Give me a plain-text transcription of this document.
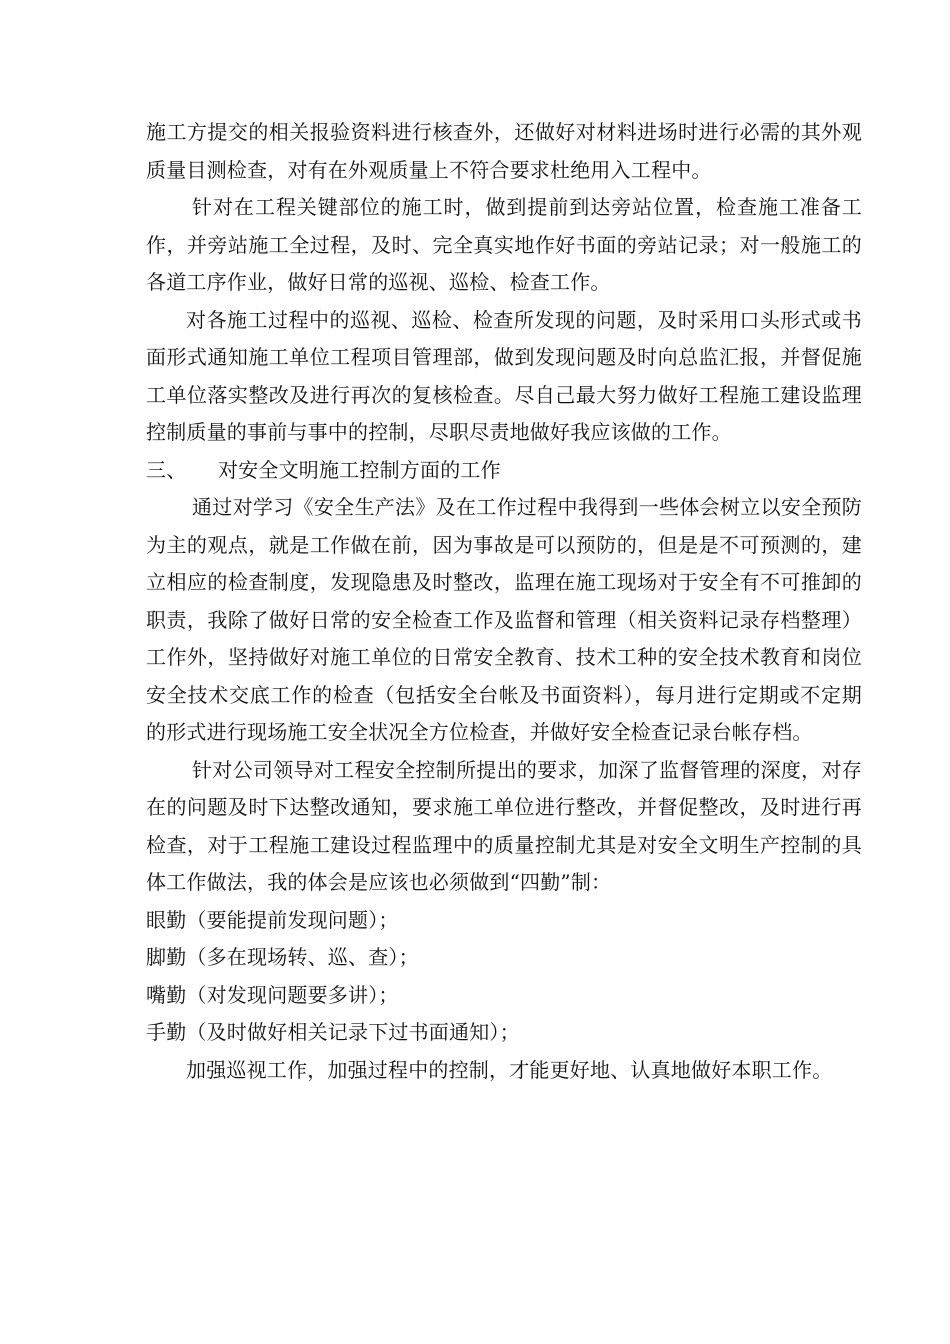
施工方提交的相关报验资料进行核查外，还做好对材料进场时进行必需的其外观质量目测检查，对有在外观质量上不符合要求杜绝用入工程中。

针对在工程关键部位的施工时，做到提前到达旁站位置，检查施工准备工作，并旁站施工全过程，及时、完全真实地作好书面的旁站记录；对一般施工的各道工序作业，做好日常的巡视、巡检、检查工作。

对各施工过程中的巡视、巡检、检查所发现的问题，及时采用口头形式或书面形式通知施工单位工程项目管理部，做到发现问题及时向总监汇报，并督促施工单位落实整改及进行再次的复核检查。尽自己最大努力做好工程施工建设监理控制质量的事前与事中的控制，尽职尽责地做好我应该做的工作。

三、	对安全文明施工控制方面的工作

通过对学习《安全生产法》及在工作过程中我得到一些体会树立以安全预防为主的观点，就是工作做在前，因为事故是可以预防的，但是是不可预测的，建立相应的检查制度，发现隐患及时整改，监理在施工现场对于安全有不可推卸的职责，我除了做好日常的安全检查工作及监督和管理（相关资料记录存档整理）工作外，坚持做好对施工单位的日常安全教育、技术工种的安全技术教育和岗位安全技术交底工作的检查（包括安全台帐及书面资料），每月进行定期或不定期的形式进行现场施工安全状况全方位检查，并做好安全检查记录台帐存档。

针对公司领导对工程安全控制所提出的要求，加深了监督管理的深度，对存在的问题及时下达整改通知，要求施工单位进行整改，并督促整改，及时进行再检查，对于工程施工建设过程监理中的质量控制尤其是对安全文明生产控制的具体工作做法，我的体会是应该也必须做到“四勤”制：

眼勤（要能提前发现问题）；

脚勤（多在现场转、巡、查）；

嘴勤（对发现问题要多讲）；

手勤（及时做好相关记录下过书面通知）；

加强巡视工作，加强过程中的控制，才能更好地、认真地做好本职工作。
